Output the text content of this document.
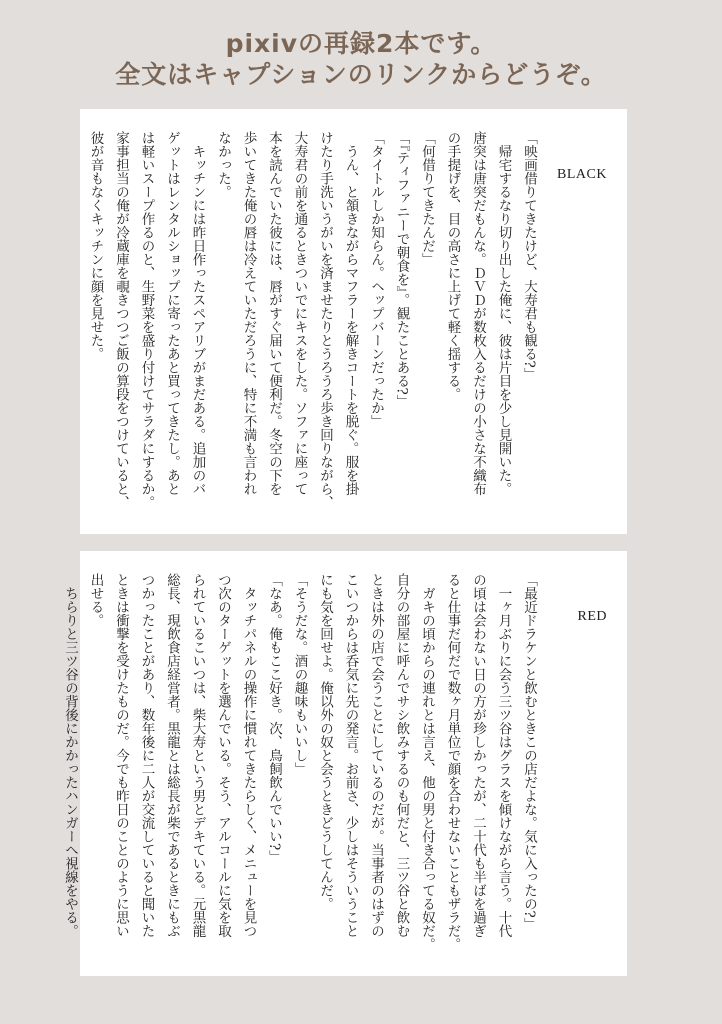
pixivの再録2本です。
全文はキャプションのリンクからどうぞ。
BLACK

「映画借りてきたけど、大寿君も観る?」

　帰宅するなり切り出した俺に、彼は片目を少し見開いた。

唐突は唐突だもんな。ＤＶＤが数枚入るだけの小さな不織布

の手提げを、目の高さに上げて軽く揺する。

「何借りてきたんだ」

「『ティファニーで朝食を』。観たことある?」

「タイトルしか知らん。ヘップバーンだったか」

　うん、と頷きながらマフラーを解きコートを脱ぐ。服を掛

けたり手洗いうがいを済ませたりとうろうろ歩き回りながら、

大寿君の前を通るときついでにキスをした。ソファに座って

本を読んでいた彼には、唇がすぐ届いて便利だ。冬空の下を

歩いてきた俺の唇は冷えていただろうに、特に不満も言われ

なかった。

　キッチンには昨日作ったスペアリブがまだある。追加のバ

ゲットはレンタルショップに寄ったあと買ってきたし。あと

は軽いスープ作るのと、生野菜を盛り付けてサラダにするか。

家事担当の俺が冷蔵庫を覗きつつご飯の算段をつけていると、

彼が音もなくキッチンに顔を見せた。

RED

「最近ドラケンと飲むときこの店だよな。気に入ったの?」

　一ヶ月ぶりに会う三ツ谷はグラスを傾けながら言う。十代

の頃は会わない日の方が珍しかったが、二十代も半ばを過ぎ

ると仕事だ何だで数ヶ月単位で顔を合わせないこともザラだ。

　ガキの頃からの連れとは言え、他の男と付き合ってる奴だ。

自分の部屋に呼んでサシ飲みするのも何だと、三ツ谷と飲む

ときは外の店で会うことにしているのだが。当事者のはずの

こいつからは呑気に先の発言。お前さ、少しはそういうこと

にも気を回せよ。俺以外の奴と会うときどうしてんだ。

「そうだな。酒の趣味もいいし」

「なあ。俺もここ好き。次、鳥飼飲んでいい?」

　タッチパネルの操作に慣れてきたらしく、メニューを見つ

つ次のターゲットを選んでいる。そう、アルコールに気を取

られているこいつは、柴大寿という男とデキている。元黒龍

総長、現飲食店経営者。黒龍とは総長が柴であるときにもぶ

つかったことがあり、数年後に二人が交流していると聞いた

ときは衝撃を受けたものだ。今でも昨日のことのように思い

出せる。

　ちらりと三ツ谷の背後にかかったハンガーへ視線をやる。
